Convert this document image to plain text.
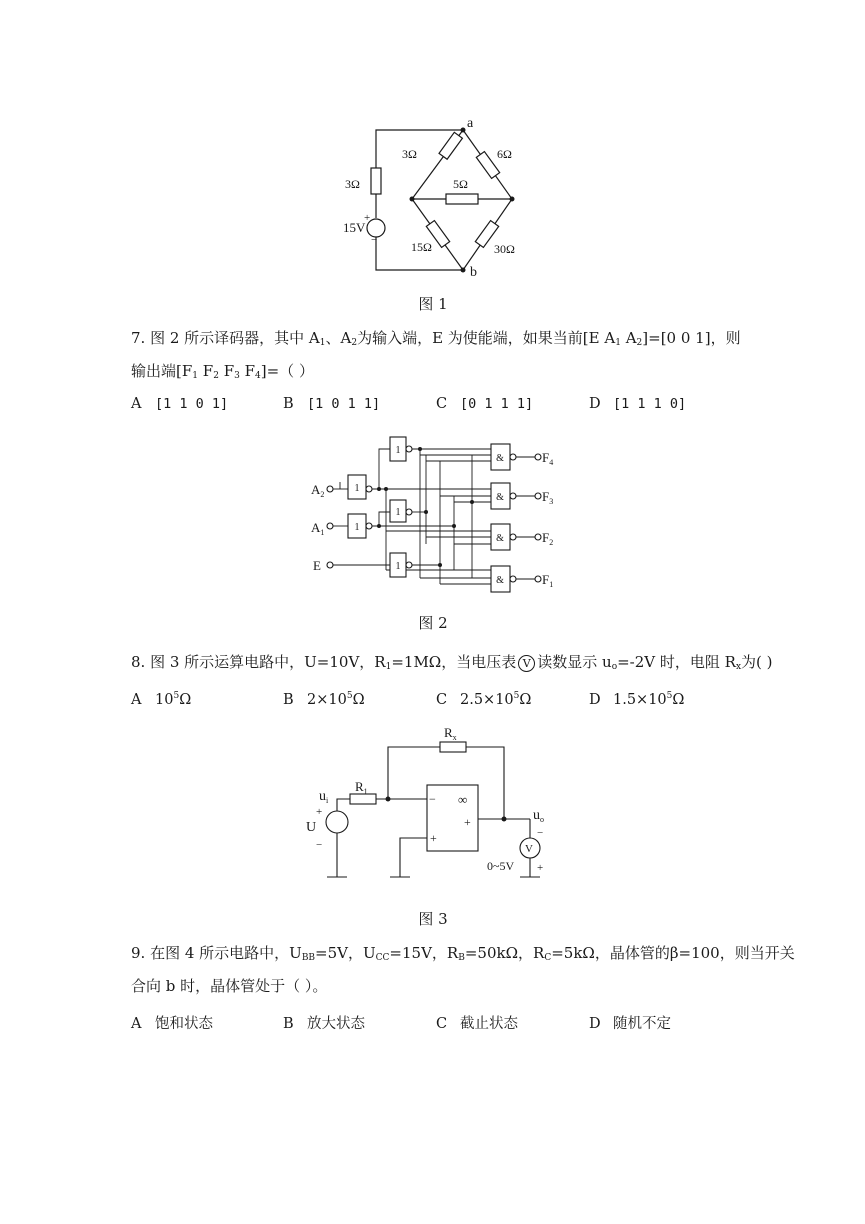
a
b
3Ω
15V
+
−
3Ω	6Ω
5Ω
15Ω	30Ω
图 1
7. 图 2 所示译码器，其中 $A_1$、$A_2$为输入端，E 为使能端，如果当前[E $A_1$ $A_2]=[0$ 0 1]，则
输出端[$F_1$ $F_2$ $F_3$ $F_4]=$（ ）
A [1 1 0 1]	B [1 0 1 1]	C [0 1 1 1]	D [1 1 1 0]
1
1
1
1
1
&
&
&
&
$A_2$
$A_1$
E
$F_4$
$F_3$
$F_2$
$F_1$
图 2
8. 图 3 所示运算电路中，U=10V，$R_1=1M\Omega$，当电压表 V 读数显示 $u_o=-2V$ 时，电阻 $R_x$为( )
A $10^5\Omega$	B $2\times 10^5\Omega$	C $2.5\times 10^5\Omega$	D $1.5\times 10^5\Omega$
∞
−
+
+
$R_x$
$R_1$
$u_i$
+
U
−
$u_o$
−
V
0~5V +
图 3
9. 在图 4 所示电路中，$U_{BB}=5V$，$U_{CC}=15V$，$R_B=50k\Omega$，$R_C=5k\Omega$，晶体管的β=100，则当开关
合向 b 时，晶体管处于（ ）。
A 饱和状态	B 放大状态	C 截止状态	D 随机不定
